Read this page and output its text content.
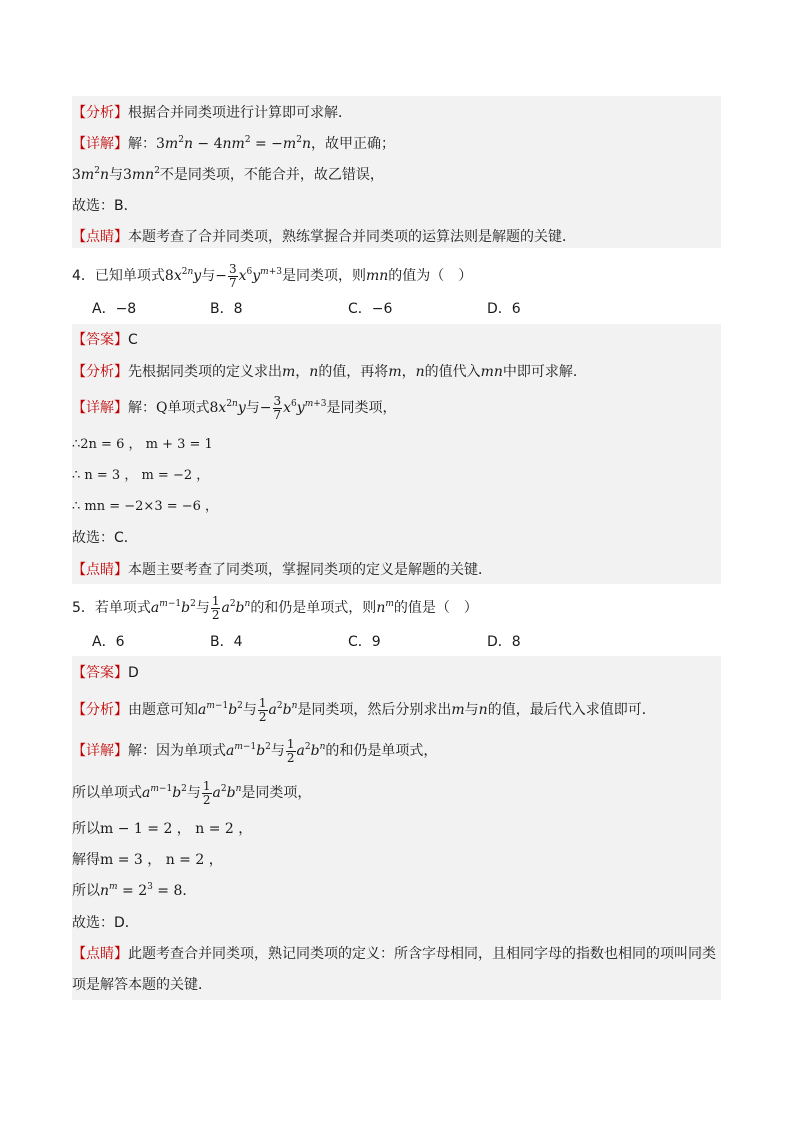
【分析】根据合并同类项进行计算即可求解．
【详解】解：$3m^2n - 4nm^2 = -m^2n$，故甲正确；
$3m^2n$与$3mn^2$不是同类项，不能合并，故乙错误，
故选：B．
【点睛】本题考查了合并同类项，熟练掌握合并同类项的运算法则是解题的关键．
4．已知单项式$8x^{2n}y$与− $\frac{3}{7} x^6y^{m+3}$是同类项，则mn的值为（　）
A．−8	B．8	C．−6	D．6
【答案】C
【分析】先根据同类项的定义求出m，n的值，再将m，n的值代入mn中即可求解．
【详解】解：Q单项式$8x^{2n}y$与− $\frac{3}{7} x^6y^{m+3}$是同类项，
∴2n = 6 ， m + 3 = 1
∴ n = 3 ， m = −2 ，
∴ mn = −2×3 = −6 ，
故选：C．
【点睛】本题主要考查了同类项，掌握同类项的定义是解题的关键．
5．若单项式$a^{m-1}b^2$与 $\frac{1}{2} a^2b^n$的和仍是单项式，则$n^m$的值是（　）
A．6	B．4	C．9	D．8
【答案】D
【分析】由题意可知$a^{m-1}b^2$与 $\frac{1}{2} a^2b^n$是同类项，然后分别求出m与n的值，最后代入求值即可．
【详解】解：因为单项式$a^{m-1}b^2$与 $\frac{1}{2} a^2b^n$的和仍是单项式，
所以单项式$a^{m-1}b^2$与 $\frac{1}{2} a^2b^n$是同类项，
所以m − 1 = 2 ， n = 2 ，
解得m = 3 ， n = 2 ，
所以$n^m = 2^3 = 8$．
故选：D．
【点睛】此题考查合并同类项，熟记同类项的定义：所含字母相同，且相同字母的指数也相同的项叫同类
项是解答本题的关键．
